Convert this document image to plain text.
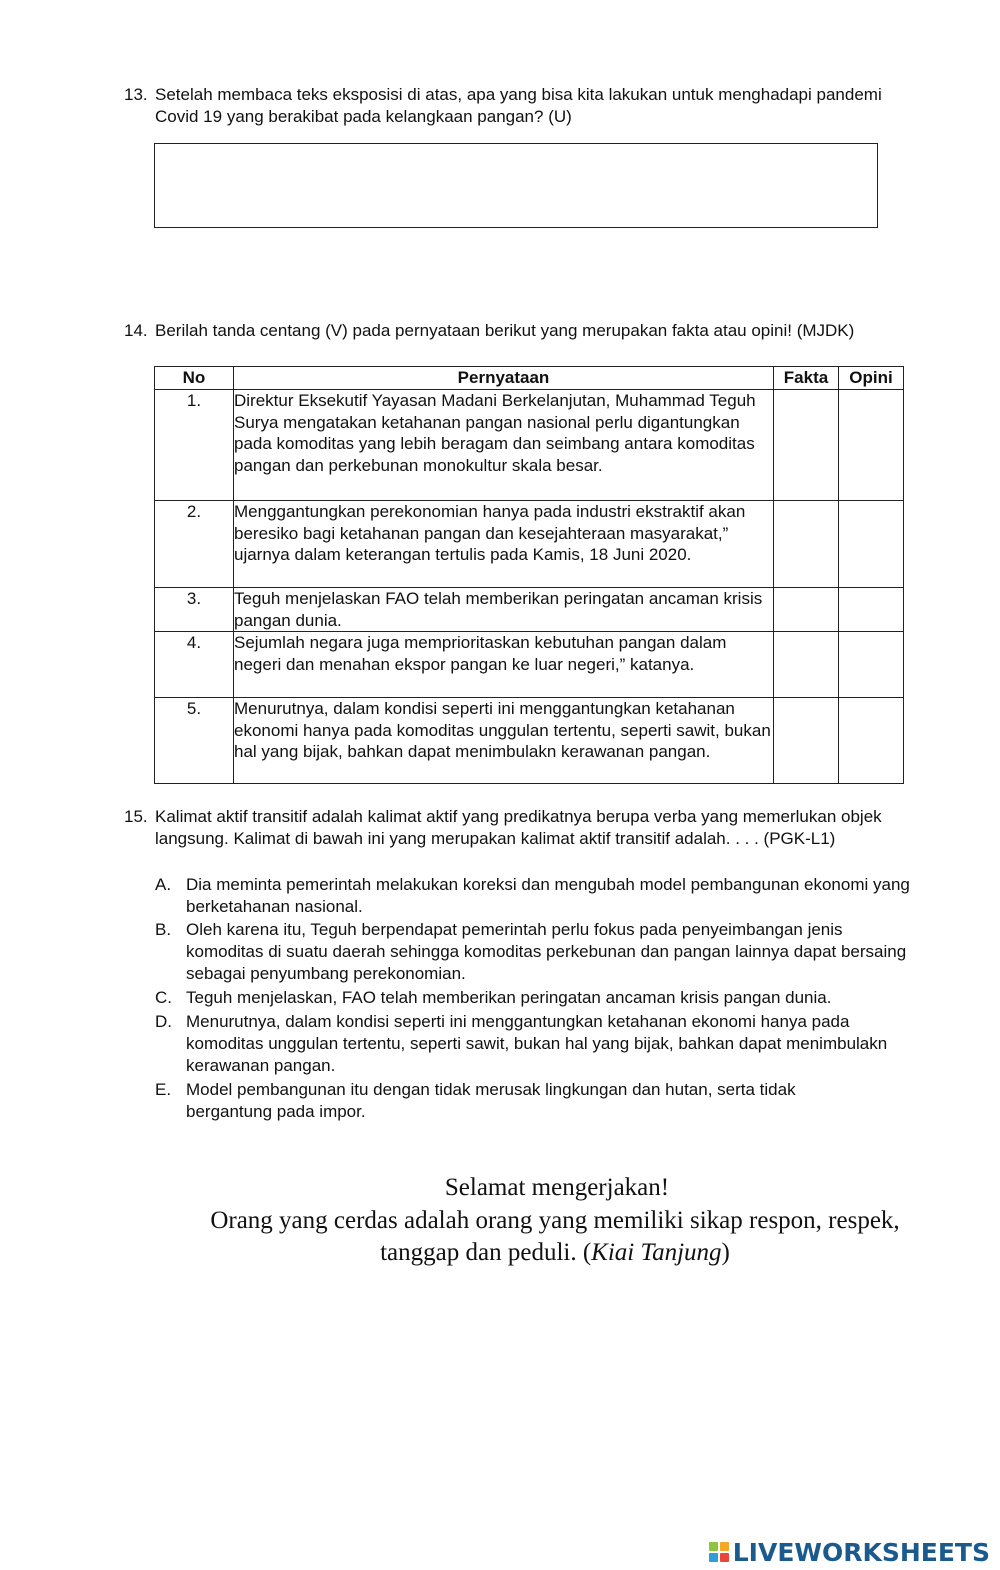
13. Setelah membaca teks eksposisi di atas, apa yang bisa kita lakukan untuk menghadapi pandemi Covid 19 yang berakibat pada kelangkaan pangan? (U)
14. Berilah tanda centang (V) pada pernyataan berikut yang merupakan fakta atau opini! (MJDK)
No	Pernyataan	Fakta	Opini
1.	Direktur Eksekutif Yayasan Madani Berkelanjutan, Muhammad Teguh Surya mengatakan ketahanan pangan nasional perlu digantungkan pada komoditas yang lebih beragam dan seimbang antara komoditas pangan dan perkebunan monokultur skala besar.		
2.	Menggantungkan perekonomian hanya pada industri ekstraktif akan beresiko bagi ketahanan pangan dan kesejahteraan masyarakat,” ujarnya dalam keterangan tertulis pada Kamis, 18 Juni 2020.		
3.	Teguh menjelaskan FAO telah memberikan peringatan ancaman krisis pangan dunia.		
4.	Sejumlah negara juga memprioritaskan kebutuhan pangan dalam negeri dan menahan ekspor pangan ke luar negeri,” katanya.		
5.	Menurutnya, dalam kondisi seperti ini menggantungkan ketahanan ekonomi hanya pada komoditas unggulan tertentu, seperti sawit, bukan hal yang bijak, bahkan dapat menimbulakn kerawanan pangan.		
15. Kalimat aktif transitif adalah kalimat aktif yang predikatnya berupa verba yang memerlukan objek langsung. Kalimat di bawah ini yang merupakan kalimat aktif transitif adalah. . . . (PGK-L1)
A. Dia meminta pemerintah melakukan koreksi dan mengubah model pembangunan ekonomi yang berketahanan nasional.
B. Oleh karena itu, Teguh berpendapat pemerintah perlu fokus pada penyeimbangan jenis komoditas di suatu daerah sehingga komoditas perkebunan dan pangan lainnya dapat bersaing sebagai penyumbang perekonomian.
C. Teguh menjelaskan, FAO telah memberikan peringatan ancaman krisis pangan dunia.
D. Menurutnya, dalam kondisi seperti ini menggantungkan ketahanan ekonomi hanya pada komoditas unggulan tertentu, seperti sawit, bukan hal yang bijak, bahkan dapat menimbulakn kerawanan pangan.
E. Model pembangunan itu dengan tidak merusak lingkungan dan hutan, serta tidak bergantung pada impor.
Selamat mengerjakan!
Orang yang cerdas adalah orang yang memiliki sikap respon, respek, tanggap dan peduli. (Kiai Tanjung)
LIVEWORKSHEETS
